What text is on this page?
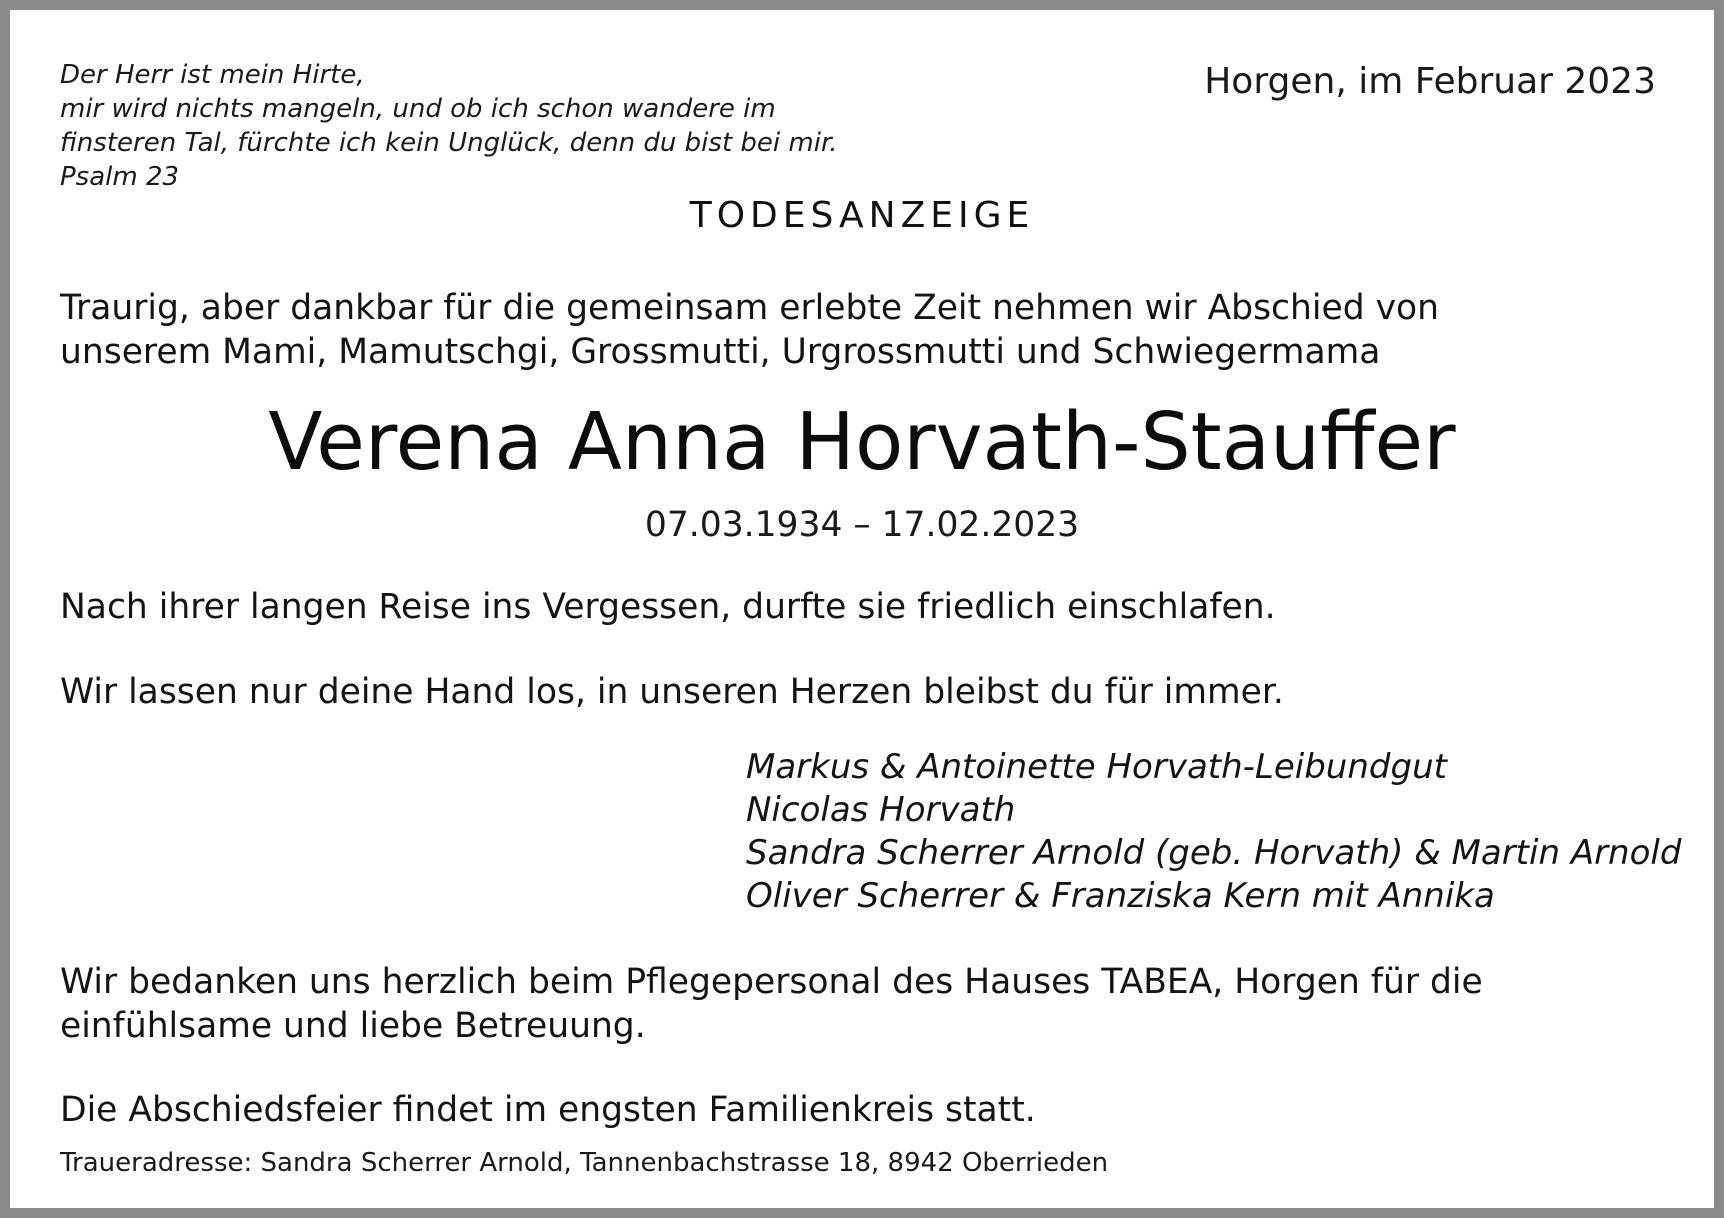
Der Herr ist mein Hirte,
mir wird nichts mangeln, und ob ich schon wandere im
finsteren Tal, fürchte ich kein Unglück, denn du bist bei mir.
Psalm 23
Horgen, im Februar 2023
TODESANZEIGE
Traurig, aber dankbar für die gemeinsam erlebte Zeit nehmen wir Abschied von
unserem Mami, Mamutschgi, Grossmutti, Urgrossmutti und Schwiegermama
Verena Anna Horvath-Stauffer
07.03.1934 – 17.02.2023
Nach ihrer langen Reise ins Vergessen, durfte sie friedlich einschlafen.
Wir lassen nur deine Hand los, in unseren Herzen bleibst du für immer.
Markus & Antoinette Horvath-Leibundgut
Nicolas Horvath
Sandra Scherrer Arnold (geb. Horvath) & Martin Arnold
Oliver Scherrer & Franziska Kern mit Annika
Wir bedanken uns herzlich beim Pflegepersonal des Hauses TABEA, Horgen für die
einfühlsame und liebe Betreuung.
Die Abschiedsfeier findet im engsten Familienkreis statt.
Traueradresse: Sandra Scherrer Arnold, Tannenbachstrasse 18, 8942 Oberrieden
